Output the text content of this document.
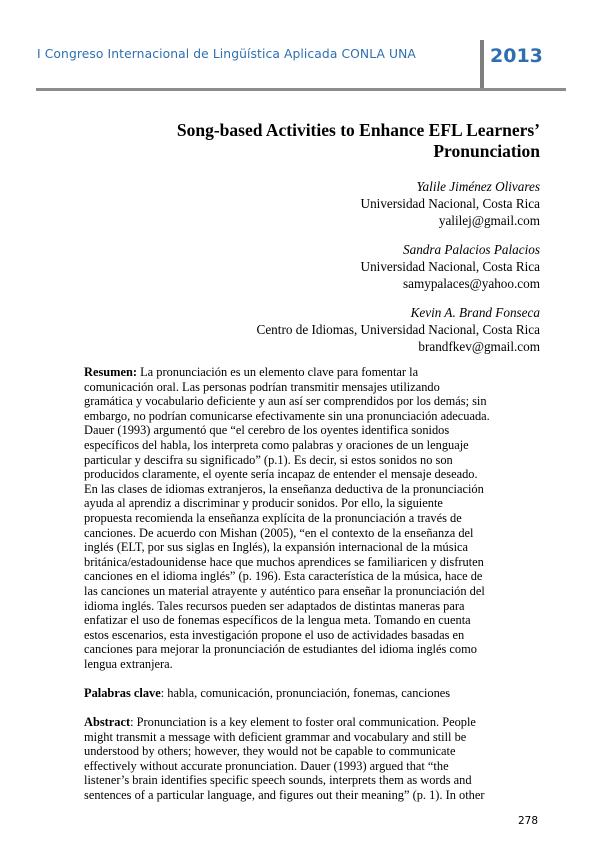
I Congreso Internacional de Lingüística Aplicada CONLA UNA	2013
Song-based Activities to Enhance EFL Learners’
Pronunciation
Yalile Jiménez Olivares
Universidad Nacional, Costa Rica
yalilej@gmail.com
Sandra Palacios Palacios
Universidad Nacional, Costa Rica
samypalaces@yahoo.com
Kevin A. Brand Fonseca
Centro de Idiomas, Universidad Nacional, Costa Rica
brandfkev@gmail.com
Resumen: La pronunciación es un elemento clave para fomentar la
comunicación oral. Las personas podrían transmitir mensajes utilizando
gramática y vocabulario deficiente y aun así ser comprendidos por los demás; sin
embargo, no podrían comunicarse efectivamente sin una pronunciación adecuada.
Dauer (1993) argumentó que “el cerebro de los oyentes identifica sonidos
específicos del habla, los interpreta como palabras y oraciones de un lenguaje
particular y descifra su significado” (p.1). Es decir, si estos sonidos no son
producidos claramente, el oyente sería incapaz de entender el mensaje deseado.
En las clases de idiomas extranjeros, la enseñanza deductiva de la pronunciación
ayuda al aprendiz a discriminar y producir sonidos. Por ello, la siguiente
propuesta recomienda la enseñanza explícita de la pronunciación a través de
canciones. De acuerdo con Mishan (2005), “en el contexto de la enseñanza del
inglés (ELT, por sus siglas en Inglés), la expansión internacional de la música
británica/estadounidense hace que muchos aprendices se familiaricen y disfruten
canciones en el idioma inglés” (p. 196). Esta característica de la música, hace de
las canciones un material atrayente y auténtico para enseñar la pronunciación del
idioma inglés. Tales recursos pueden ser adaptados de distintas maneras para
enfatizar el uso de fonemas específicos de la lengua meta. Tomando en cuenta
estos escenarios, esta investigación propone el uso de actividades basadas en
canciones para mejorar la pronunciación de estudiantes del idioma inglés como
lengua extranjera.
Palabras clave: habla, comunicación, pronunciación, fonemas, canciones
Abstract: Pronunciation is a key element to foster oral communication. People
might transmit a message with deficient grammar and vocabulary and still be
understood by others; however, they would not be capable to communicate
effectively without accurate pronunciation. Dauer (1993) argued that “the
listener’s brain identifies specific speech sounds, interprets them as words and
sentences of a particular language, and figures out their meaning” (p. 1). In other
278
